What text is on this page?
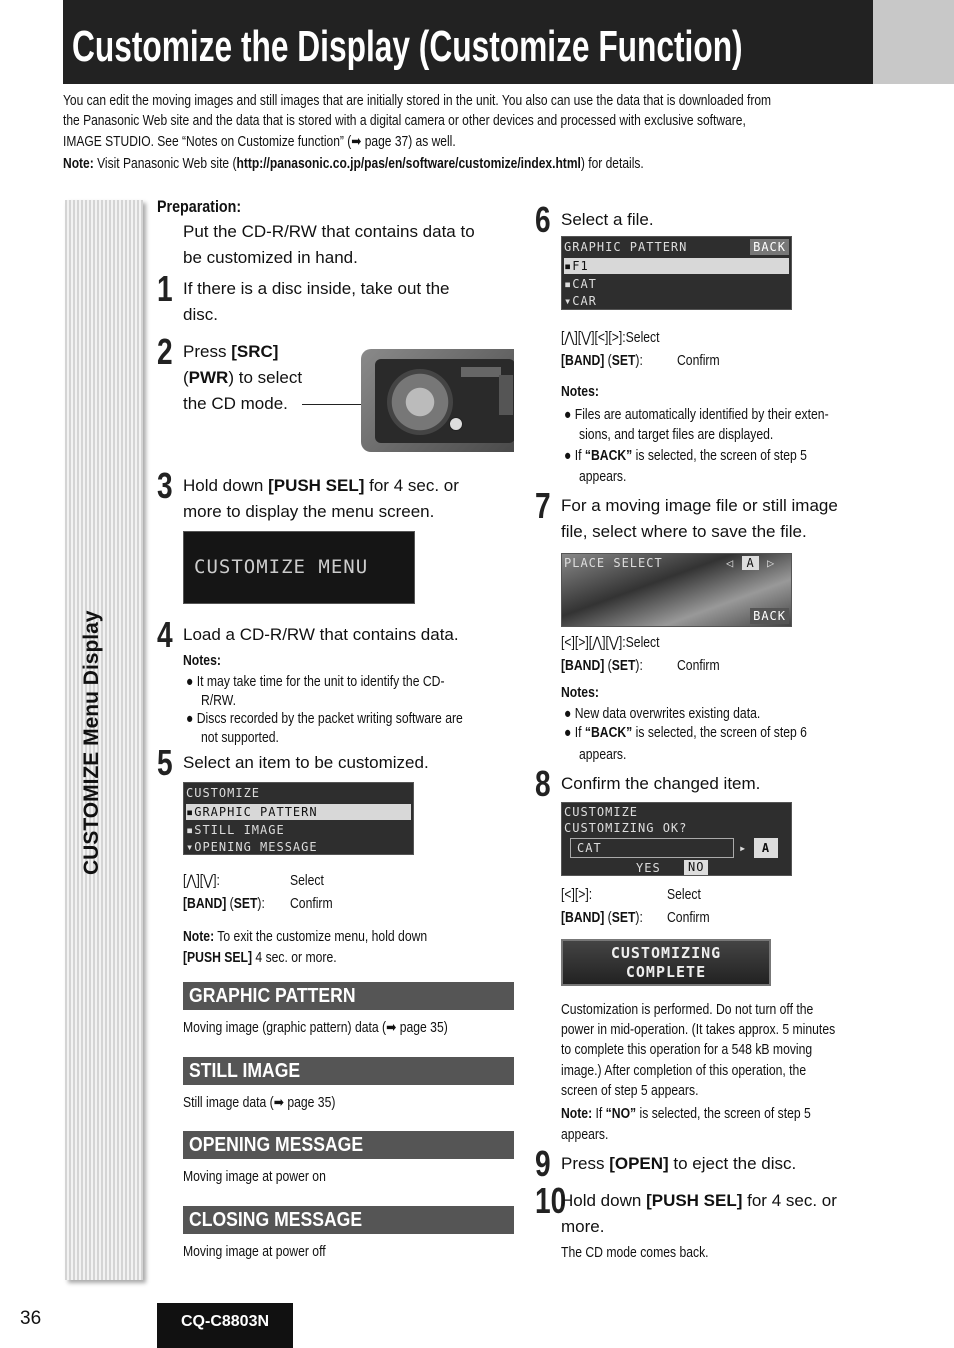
Customize the Display (Customize Function)
You can edit the moving images and still images that are initially stored in the unit. You also can use the data that is downloaded from
the Panasonic Web site and the data that is stored with a digital camera or other devices and processed with exclusive software,
IMAGE STUDIO. See “Notes on Customize function” (➡ page 37) as well.
Note: Visit Panasonic Web site (http://panasonic.co.jp/pas/en/software/customize/index.html) for details.
CUSTOMIZE Menu Display
Preparation:
Put the CD-R/RW that contains data to
be customized in hand.
1 If there is a disc inside, take out the
disc.
2 Press [SRC]
(PWR) to select
the CD mode.
3 Hold down [PUSH SEL] for 4 sec. or
more to display the menu screen.
CUSTOMIZE MENU
4 Load a CD-R/RW that contains data.
Notes:
● It may take time for the unit to identify the CD-
R/RW.
● Discs recorded by the packet writing software are
not supported.
5 Select an item to be customized.
CUSTOMIZE
▪GRAPHIC PATTERN
▪STILL IMAGE
▾OPENING MESSAGE
[⋀][⋁]:	Select
[BAND] (SET): Confirm
Note: To exit the customize menu, hold down
[PUSH SEL] 4 sec. or more.
GRAPHIC PATTERN
Moving image (graphic pattern) data (➡ page 35)
STILL IMAGE
Still image data (➡ page 35)
OPENING MESSAGE
Moving image at power on
CLOSING MESSAGE
Moving image at power off
6 Select a file.
GRAPHIC PATTERN	BACK
▪F1
▪CAT
▾CAR
[⋀][⋁][<][>]:Select
[BAND] (SET): Confirm
Notes:
● Files are automatically identified by their exten-
sions, and target files are displayed.
● If “BACK” is selected, the screen of step 5
appears.
7 For a moving image file or still image
file, select where to save the file.
PLACE SELECT	◁ A ▷
BACK
[<][>][⋀][⋁]:Select
[BAND] (SET): Confirm
Notes:
● New data overwrites existing data.
● If “BACK” is selected, the screen of step 6
appears.
8 Confirm the changed item.
CUSTOMIZE
CUSTOMIZING OK?
CAT	▸	A
YES	NO
[<][>]:	Select
[BAND] (SET): Confirm
CUSTOMIZING
COMPLETE
Customization is performed. Do not turn off the
power in mid-operation. (It takes approx. 5 minutes
to complete this operation for a 548 kB moving
image.) After completion of this operation, the
screen of step 5 appears.
Note: If “NO” is selected, the screen of step 5
appears.
9 Press [OPEN] to eject the disc.
10
Hold down [PUSH SEL] for 4 sec. or
more.
The CD mode comes back.
36	CQ-C8803N
